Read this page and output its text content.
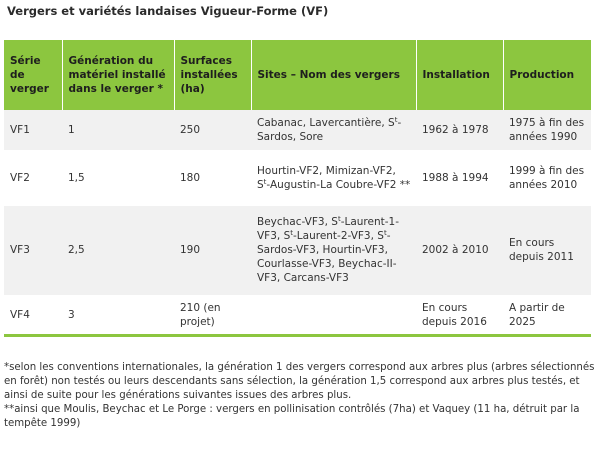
Vergers et variétés landaises Vigueur-Forme (VF)
Série de verger	Génération du matériel installé dans le verger *	Surfaces installées (ha)	Sites – Nom des vergers	Installation	Production
VF1	1	250	Cabanac, Lavercantière, $S^t$-Sardos, Sore	1962 à 1978	1975 à fin des années 1990
VF2	1,5	180	Hourtin-VF2, Mimizan-VF2, $S^t-Augustin-La$ Coubre-VF2 **	1988 à 1994	1999 à fin des années 2010
VF3	2,5	190	Beychac-VF3, $S^t-Laurent-1-VF3$, $S^t-Laurent-2-VF3$, $S^t-Sardos-VF3$, Hourtin-VF3, Courlasse-VF3, Beychac-II-VF3, Carcans-VF3	2002 à 2010	En cours depuis 2011
VF4	3	210 (en projet)		En cours depuis 2016	A partir de 2025

*selon les conventions internationales, la génération 1 des vergers correspond aux arbres plus (arbres sélectionnés en forêt) non testés ou leurs descendants sans sélection, la génération 1,5 correspond aux arbres plus testés, et ainsi de suite pour les générations suivantes issues des arbres plus.

**ainsi que Moulis, Beychac et Le Porge : vergers en pollinisation contrôlés (7ha) et Vaquey (11 ha, détruit par la tempête 1999)
